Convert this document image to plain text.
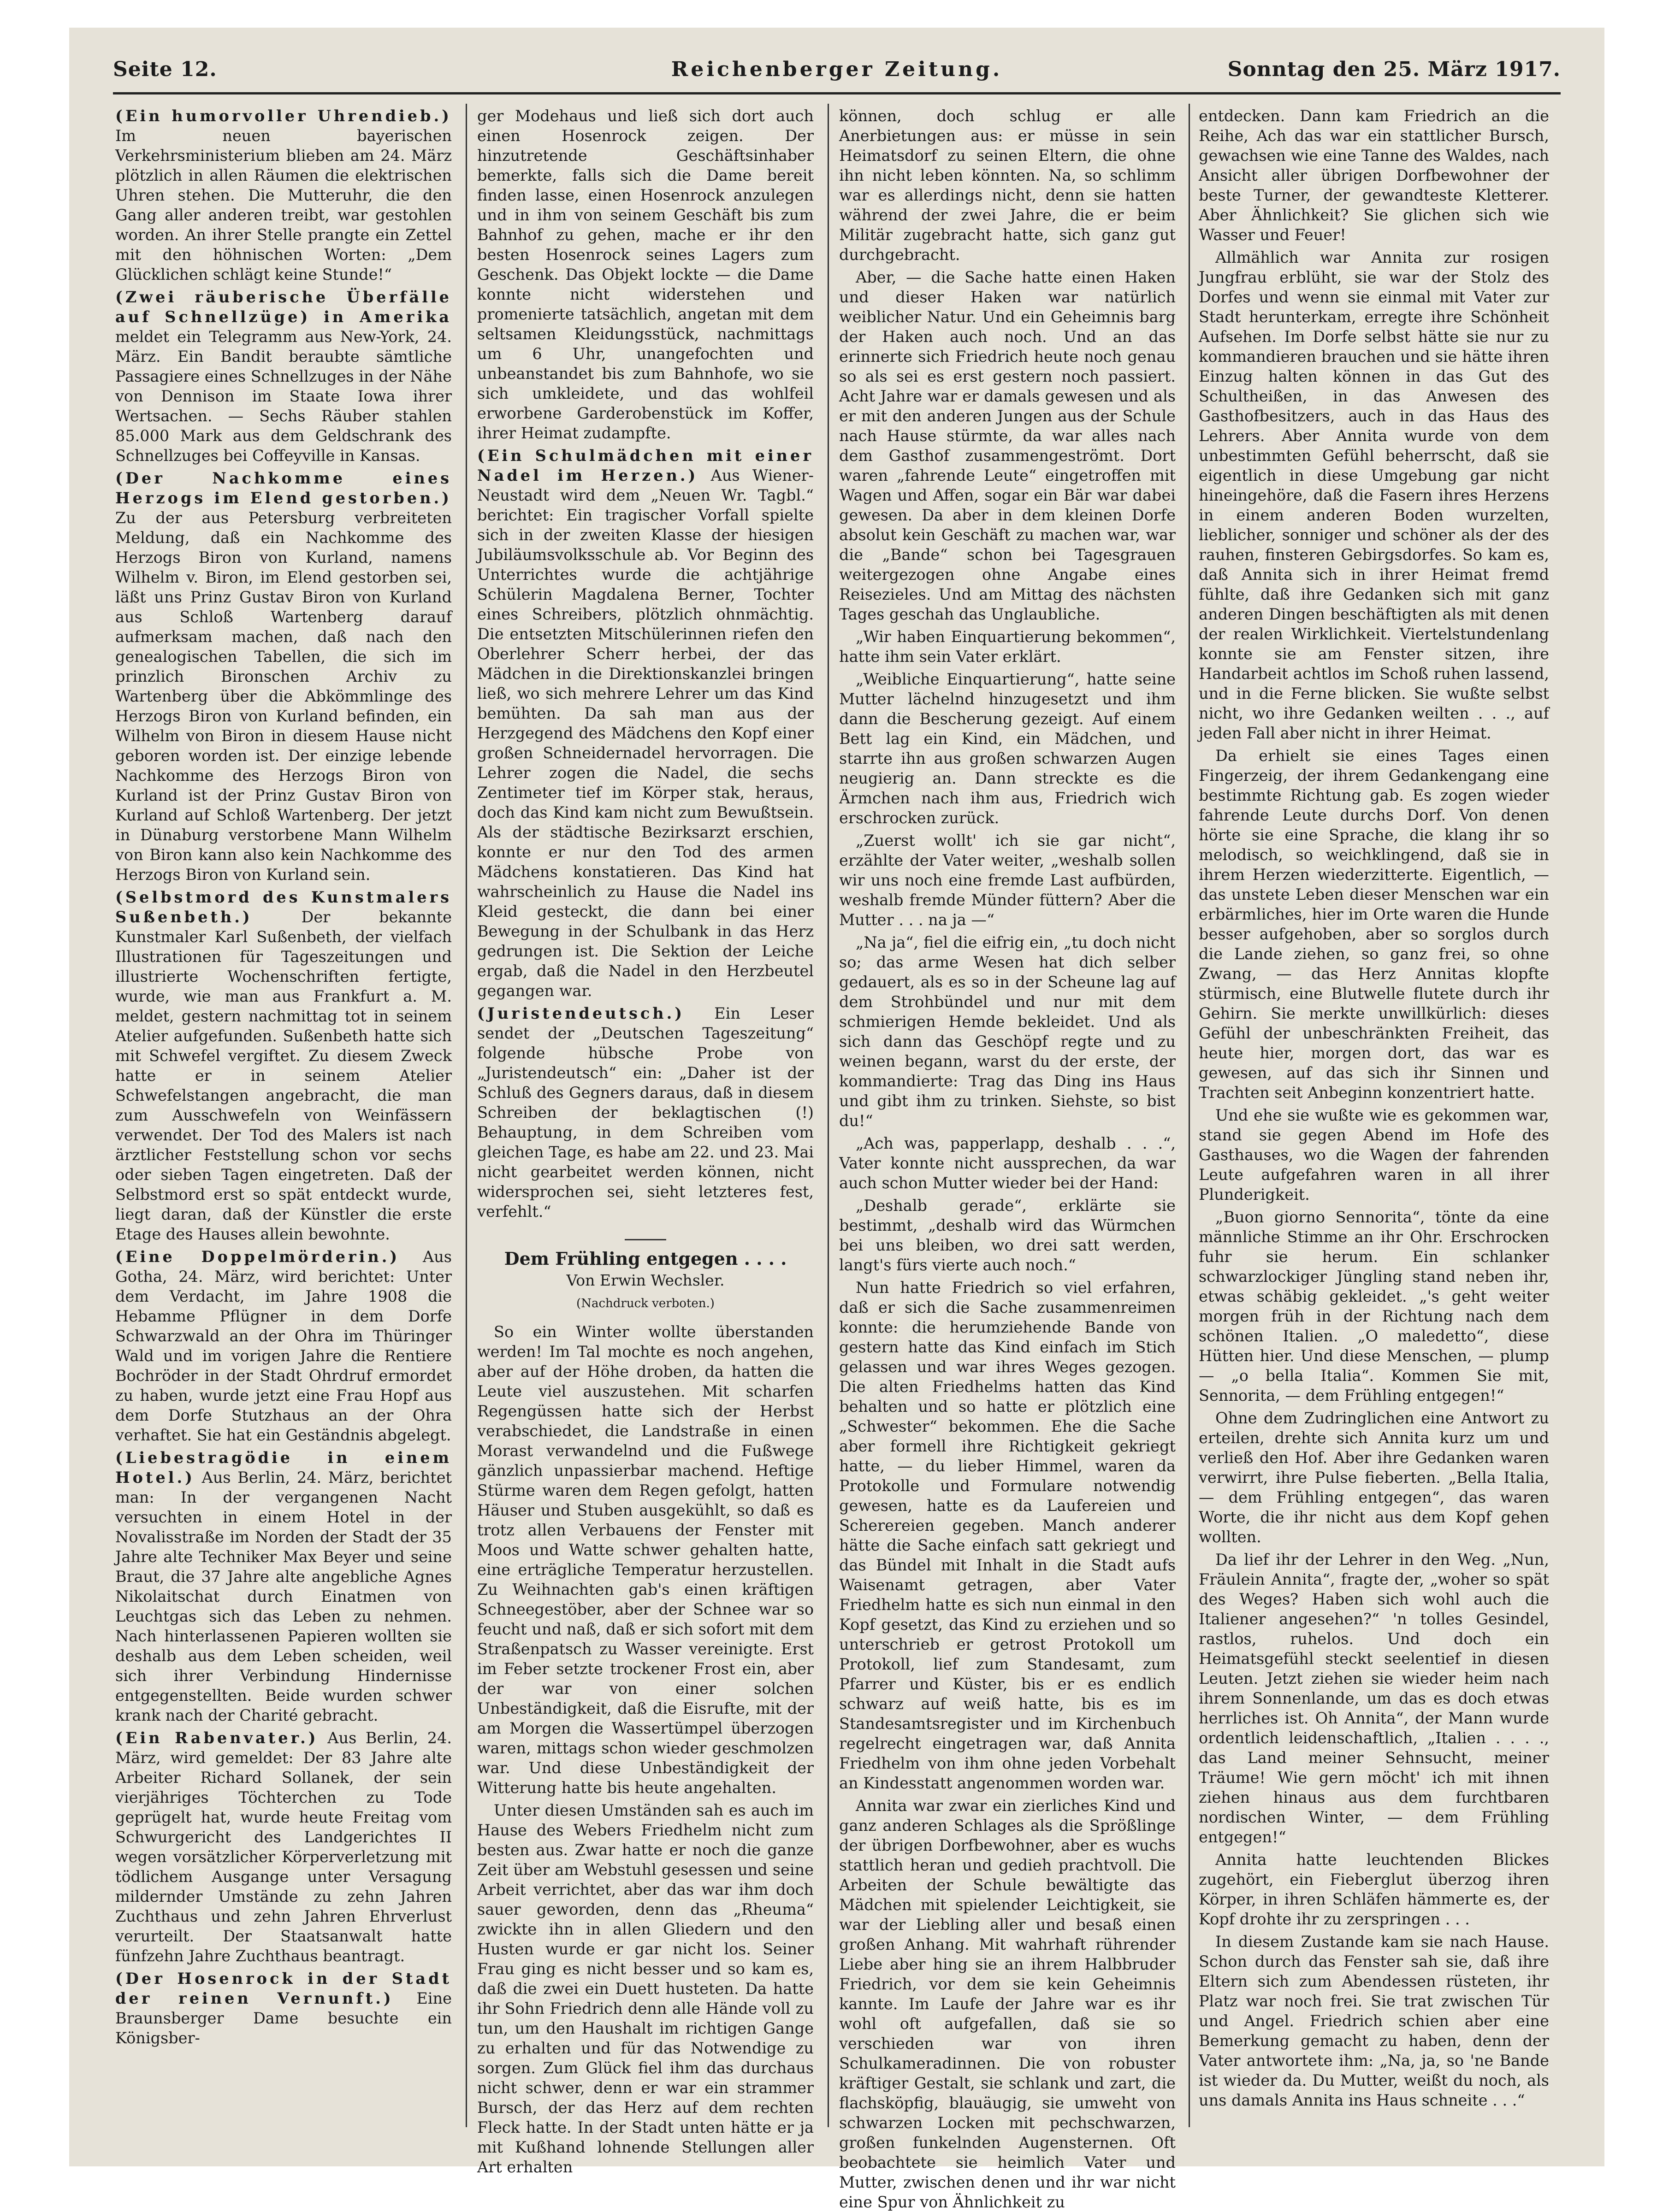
Seite 12.	Reichenberger Zeitung.	Sonntag den 25. März 1917.

(Ein humorvoller Uhrendieb.) Im neuen bayerischen Verkehrsministerium blieben am 24. März plötzlich in allen Räumen die elektrischen Uhren stehen. Die Mutteruhr, die den Gang aller anderen treibt, war gestohlen worden. An ihrer Stelle prangte ein Zettel mit den höhnischen Worten: „Dem Glücklichen schlägt keine Stunde!“

(Zwei räuberische Überfälle auf Schnellzüge) in Amerika meldet ein Telegramm aus New-York, 24. März. Ein Bandit beraubte sämtliche Passagiere eines Schnellzuges in der Nähe von Dennison im Staate Iowa ihrer Wertsachen. — Sechs Räuber stahlen 85.000 Mark aus dem Geldschrank des Schnellzuges bei Coffeyville in Kansas.

(Der Nachkomme eines Herzogs im Elend gestorben.) Zu der aus Petersburg verbreiteten Meldung, daß ein Nachkomme des Herzogs Biron von Kurland, namens Wilhelm v. Biron, im Elend gestorben sei, läßt uns Prinz Gustav Biron von Kurland aus Schloß Wartenberg darauf aufmerksam machen, daß nach den genealogischen Tabellen, die sich im prinzlich Bironschen Archiv zu Wartenberg über die Abkömmlinge des Herzogs Biron von Kurland befinden, ein Wilhelm von Biron in diesem Hause nicht geboren worden ist. Der einzige lebende Nachkomme des Herzogs Biron von Kurland ist der Prinz Gustav Biron von Kurland auf Schloß Wartenberg. Der jetzt in Dünaburg verstorbene Mann Wilhelm von Biron kann also kein Nachkomme des Herzogs Biron von Kurland sein.

(Selbstmord des Kunstmalers Sußenbeth.)	Der bekannte Kunstmaler Karl Sußenbeth, der vielfach Illustrationen für Tageszeitungen und illustrierte Wochenschriften fertigte, wurde, wie man aus Frankfurt a. M. meldet, gestern nachmittag tot in seinem Atelier aufgefunden. Sußenbeth hatte sich mit Schwefel vergiftet. Zu diesem Zweck hatte er in seinem Atelier Schwefelstangen angebracht, die man zum Ausschwefeln von Weinfässern verwendet. Der Tod des Malers ist nach ärztlicher Feststellung schon vor sechs oder sieben Tagen eingetreten. Daß der Selbstmord erst so spät entdeckt wurde, liegt daran, daß der Künstler die erste Etage des Hauses allein bewohnte.

(Eine Doppelmörderin.) Aus Gotha, 24. März, wird berichtet: Unter dem Verdacht, im Jahre 1908 die Hebamme Pflügner in dem Dorfe Schwarzwald an der Ohra im Thüringer Wald und im vorigen Jahre die Rentiere Bochröder in der Stadt Ohrdruf ermordet zu haben, wurde jetzt eine Frau Hopf aus dem Dorfe Stutzhaus an der Ohra verhaftet. Sie hat ein Geständnis abgelegt.

(Liebestragödie in einem Hotel.) Aus Berlin, 24. März, berichtet man: In der vergangenen Nacht versuchten in einem Hotel in der Novalisstraße im Norden der Stadt der 35 Jahre alte Techniker Max Beyer und seine Braut, die 37 Jahre alte angebliche Agnes Nikolaitschat durch Einatmen von Leuchtgas sich das Leben zu nehmen. Nach hinterlassenen Papieren wollten sie deshalb aus dem Leben scheiden, weil sich ihrer Verbindung Hindernisse entgegenstellten. Beide wurden schwer krank nach der Charité gebracht.

(Ein Rabenvater.) Aus Berlin, 24. März, wird gemeldet: Der 83 Jahre alte Arbeiter Richard Sollanek, der sein vierjähriges Töchterchen zu Tode geprügelt hat, wurde heute Freitag vom Schwurgericht des Landgerichtes II wegen vorsätzlicher Körperverletzung mit tödlichem Ausgange unter Versagung mildernder Umstände zu zehn Jahren Zuchthaus und zehn Jahren Ehrverlust verurteilt. Der Staatsanwalt hatte fünfzehn Jahre Zuchthaus beantragt.

(Der Hosenrock in der Stadt der reinen Vernunft.) Eine Braunsberger Dame besuchte ein Königsber-

ger Modehaus und ließ sich dort auch einen Hosenrock zeigen. Der hinzutretende Geschäftsinhaber bemerkte, falls sich die Dame bereit finden lasse, einen Hosenrock anzulegen und in ihm von seinem Geschäft bis zum Bahnhof zu gehen, mache er ihr den besten Hosenrock seines Lagers zum Geschenk. Das Objekt lockte — die Dame konnte nicht widerstehen und promenierte tatsächlich, angetan mit dem seltsamen Kleidungsstück, nachmittags um 6 Uhr, unangefochten und unbeanstandet bis zum Bahnhofe, wo sie sich umkleidete, und das wohlfeil erworbene Garderobenstück im Koffer, ihrer Heimat zudampfte.

(Ein Schulmädchen mit einer Nadel im Herzen.) Aus Wiener-Neustadt wird dem „Neuen Wr. Tagbl.“ berichtet: Ein tragischer Vorfall spielte sich in der zweiten Klasse der hiesigen Jubiläumsvolksschule ab. Vor Beginn des Unterrichtes wurde die achtjährige Schülerin Magdalena Berner, Tochter eines Schreibers, plötzlich ohnmächtig. Die entsetzten Mitschülerinnen riefen den Oberlehrer Scherr herbei, der das Mädchen in die Direktionskanzlei bringen ließ, wo sich mehrere Lehrer um das Kind bemühten. Da sah man aus der Herzgegend des Mädchens den Kopf einer großen Schneidernadel hervorragen. Die Lehrer zogen die Nadel, die sechs Zentimeter tief im Körper stak, heraus, doch das Kind kam nicht zum Bewußtsein. Als der städtische Bezirksarzt erschien, konnte er nur den Tod des armen Mädchens konstatieren. Das Kind hat wahrscheinlich zu Hause die Nadel ins Kleid gesteckt, die dann bei einer Bewegung in der Schulbank in das Herz gedrungen ist. Die Sektion der Leiche ergab, daß die Nadel in den Herzbeutel gegangen war.

(Juristendeutsch.) Ein Leser sendet der „Deutschen Tageszeitung“ folgende hübsche Probe von „Juristendeutsch“ ein: „Daher ist der Schluß des Gegners daraus, daß in diesem Schreiben der beklagtischen (!) Behauptung, in dem Schreiben vom gleichen Tage, es habe am 22. und 23. Mai nicht gearbeitet werden können, nicht widersprochen sei, sieht letzteres fest, verfehlt.“

Dem Frühling entgegen . . . .
Von Erwin Wechsler.
(Nachdruck verboten.)

So ein Winter wollte überstanden werden! Im Tal mochte es noch angehen, aber auf der Höhe droben, da hatten die Leute viel auszustehen. Mit scharfen Regengüssen hatte sich der Herbst verabschiedet, die Landstraße in einen Morast verwandelnd und die Fußwege gänzlich unpassierbar machend. Heftige Stürme waren dem Regen gefolgt, hatten Häuser und Stuben ausgekühlt, so daß es trotz allen Verbauens der Fenster mit Moos und Watte schwer gehalten hatte, eine erträgliche Temperatur herzustellen. Zu Weihnachten gab's einen kräftigen Schneegestöber, aber der Schnee war so feucht und naß, daß er sich sofort mit dem Straßenpatsch zu Wasser vereinigte. Erst im Feber setzte trockener Frost ein, aber der war von einer solchen Unbeständigkeit, daß die Eisrufte, mit der am Morgen die Wassertümpel überzogen waren, mittags schon wieder geschmolzen war. Und diese Unbeständigkeit der Witterung hatte bis heute angehalten.

Unter diesen Umständen sah es auch im Hause des Webers Friedhelm nicht zum besten aus. Zwar hatte er noch die ganze Zeit über am Webstuhl gesessen und seine Arbeit verrichtet, aber das war ihm doch sauer geworden, denn das „Rheuma“ zwickte ihn in allen Gliedern und den Husten wurde er gar nicht los. Seiner Frau ging es nicht besser und so kam es, daß die zwei ein Duett husteten. Da hatte ihr Sohn Friedrich denn alle Hände voll zu tun, um den Haushalt im richtigen Gange zu erhalten und für das Notwendige zu sorgen. Zum Glück fiel ihm das durchaus nicht schwer, denn er war ein strammer Bursch, der das Herz auf dem rechten Fleck hatte. In der Stadt unten hätte er ja mit Kußhand lohnende Stellungen aller Art erhalten

können, doch schlug er alle Anerbietungen aus: er müsse in sein Heimatsdorf zu seinen Eltern, die ohne ihn nicht leben könnten. Na, so schlimm war es allerdings nicht, denn sie hatten während der zwei Jahre, die er beim Militär zugebracht hatte, sich ganz gut durchgebracht.

Aber, — die Sache hatte einen Haken und dieser Haken war natürlich weiblicher Natur. Und ein Geheimnis barg der Haken auch noch. Und an das erinnerte sich Friedrich heute noch genau so als sei es erst gestern noch passiert. Acht Jahre war er damals gewesen und als er mit den anderen Jungen aus der Schule nach Hause stürmte, da war alles nach dem Gasthof zusammengeströmt. Dort waren „fahrende Leute“ eingetroffen mit Wagen und Affen, sogar ein Bär war dabei gewesen. Da aber in dem kleinen Dorfe absolut kein Geschäft zu machen war, war die „Bande“ schon bei Tagesgrauen weitergezogen ohne Angabe eines Reisezieles. Und am Mittag des nächsten Tages geschah das Unglaubliche.

„Wir haben Einquartierung bekommen“, hatte ihm sein Vater erklärt.

„Weibliche Einquartierung“, hatte seine Mutter lächelnd hinzugesetzt und ihm dann die Bescherung gezeigt. Auf einem Bett lag ein Kind, ein Mädchen, und starrte ihn aus großen schwarzen Augen neugierig an. Dann streckte es die Ärmchen nach ihm aus, Friedrich wich erschrocken zurück.

„Zuerst wollt' ich sie gar nicht“, erzählte der Vater weiter, „weshalb sollen wir uns noch eine fremde Last aufbürden, weshalb fremde Münder füttern? Aber die Mutter . . . na ja —“

„Na ja“, fiel die eifrig ein, „tu doch nicht so; das arme Wesen hat dich selber gedauert, als es so in der Scheune lag auf dem Strohbündel und nur mit dem schmierigen Hemde bekleidet. Und als sich dann das Geschöpf regte und zu weinen begann, warst du der erste, der kommandierte: Trag das Ding ins Haus und gibt ihm zu trinken. Siehste, so bist du!“

„Ach was, papperlapp, deshalb . . .“, Vater konnte nicht aussprechen, da war auch schon Mutter wieder bei der Hand:

„Deshalb gerade“, erklärte sie bestimmt, „deshalb wird das Würmchen bei uns bleiben, wo drei satt werden, langt's fürs vierte auch noch.“

Nun hatte Friedrich so viel erfahren, daß er sich die Sache zusammenreimen konnte: die herumziehende Bande von gestern hatte das Kind einfach im Stich gelassen und war ihres Weges gezogen. Die alten Friedhelms hatten das Kind behalten und so hatte er plötzlich eine „Schwester“ bekommen. Ehe die Sache aber formell ihre Richtigkeit gekriegt hatte, — du lieber Himmel, waren da Protokolle und Formulare notwendig gewesen, hatte es da Laufereien und Scherereien gegeben. Manch anderer hätte die Sache einfach satt gekriegt und das Bündel mit Inhalt in die Stadt aufs Waisenamt getragen, aber Vater Friedhelm hatte es sich nun einmal in den Kopf gesetzt, das Kind zu erziehen und so unterschrieb er getrost Protokoll um Protokoll, lief zum Standesamt, zum Pfarrer und Küster, bis er es endlich schwarz auf weiß hatte, bis es im Standesamtsregister und im Kirchenbuch regelrecht eingetragen war, daß Annita Friedhelm von ihm ohne jeden Vorbehalt an Kindesstatt angenommen worden war.

Annita war zwar ein zierliches Kind und ganz anderen Schlages als die Sprößlinge der übrigen Dorfbewohner, aber es wuchs stattlich heran und gedieh prachtvoll. Die Arbeiten der Schule bewältigte das Mädchen mit spielender Leichtigkeit, sie war der Liebling aller und besaß einen großen Anhang. Mit wahrhaft rührender Liebe aber hing sie an ihrem Halbbruder Friedrich, vor dem sie kein Geheimnis kannte. Im Laufe der Jahre war es ihr wohl oft aufgefallen, daß sie so verschieden war von ihren Schulkameradinnen. Die von robuster kräftiger Gestalt, sie schlank und zart, die flachsköpfig, blauäugig, sie umweht von schwarzen Locken mit pechschwarzen, großen funkelnden Augensternen. Oft beobachtete sie heimlich Vater und Mutter, zwischen denen und ihr war nicht eine Spur von Ähnlichkeit zu

entdecken. Dann kam Friedrich an die Reihe, Ach das war ein stattlicher Bursch, gewachsen wie eine Tanne des Waldes, nach Ansicht aller übrigen Dorfbewohner der beste Turner, der gewandteste Kletterer. Aber Ähnlichkeit? Sie glichen sich wie Wasser und Feuer!

Allmählich war Annita zur rosigen Jungfrau erblüht, sie war der Stolz des Dorfes und wenn sie einmal mit Vater zur Stadt herunterkam, erregte ihre Schönheit Aufsehen. Im Dorfe selbst hätte sie nur zu kommandieren brauchen und sie hätte ihren Einzug halten können in das Gut des Schultheißen, in das Anwesen des Gasthofbesitzers, auch in das Haus des Lehrers. Aber Annita wurde von dem unbestimmten Gefühl beherrscht, daß sie eigentlich in diese Umgebung gar nicht hineingehöre, daß die Fasern ihres Herzens in einem anderen Boden wurzelten, lieblicher, sonniger und schöner als der des rauhen, finsteren Gebirgsdorfes. So kam es, daß Annita sich in ihrer Heimat fremd fühlte, daß ihre Gedanken sich mit ganz anderen Dingen beschäftigten als mit denen der realen Wirklichkeit. Viertelstundenlang konnte sie am Fenster sitzen, ihre Handarbeit achtlos im Schoß ruhen lassend, und in die Ferne blicken. Sie wußte selbst nicht, wo ihre Gedanken weilten . . ., auf jeden Fall aber nicht in ihrer Heimat.

Da erhielt sie eines Tages einen Fingerzeig, der ihrem Gedankengang eine bestimmte Richtung gab. Es zogen wieder fahrende Leute durchs Dorf. Von denen hörte sie eine Sprache, die klang ihr so melodisch, so weichklingend, daß sie in ihrem Herzen wiederzitterte. Eigentlich, — das unstete Leben dieser Menschen war ein erbärmliches, hier im Orte waren die Hunde besser aufgehoben, aber so sorglos durch die Lande ziehen, so ganz frei, so ohne Zwang, — das Herz Annitas klopfte stürmisch, eine Blutwelle flutete durch ihr Gehirn. Sie merkte unwillkürlich: dieses Gefühl der unbeschränkten Freiheit, das heute hier, morgen dort, das war es gewesen, auf das sich ihr Sinnen und Trachten seit Anbeginn konzentriert hatte.

Und ehe sie wußte wie es gekommen war, stand sie gegen Abend im Hofe des Gasthauses, wo die Wagen der fahrenden Leute aufgefahren waren in all ihrer Plunderigkeit.

„Buon giorno Sennorita“, tönte da eine männliche Stimme an ihr Ohr. Erschrocken fuhr sie herum. Ein schlanker schwarzlockiger Jüngling stand neben ihr, etwas schäbig gekleidet. „'s geht weiter morgen früh in der Richtung nach dem schönen Italien. „O maledetto“, diese Hütten hier. Und diese Menschen, — plump — „o bella Italia“. Kommen Sie mit, Sennorita, — dem Frühling entgegen!“

Ohne dem Zudringlichen eine Antwort zu erteilen, drehte sich Annita kurz um und verließ den Hof. Aber ihre Gedanken waren verwirrt, ihre Pulse fieberten. „Bella Italia, — dem Frühling entgegen“, das waren Worte, die ihr nicht aus dem Kopf gehen wollten.

Da lief ihr der Lehrer in den Weg. „Nun, Fräulein Annita“, fragte der, „woher so spät des Weges? Haben sich wohl auch die Italiener angesehen?“ 'n tolles Gesindel, rastlos, ruhelos. Und doch ein Heimatsgefühl steckt seelentief in diesen Leuten. Jetzt ziehen sie wieder heim nach ihrem Sonnenlande, um das es doch etwas herrliches ist. Oh Annita“, der Mann wurde ordentlich leidenschaftlich, „Italien . . . ., das Land meiner Sehnsucht, meiner Träume! Wie gern möcht' ich mit ihnen ziehen hinaus aus dem furchtbaren nordischen Winter, — dem Frühling entgegen!“

Annita hatte leuchtenden Blickes zugehört, ein Fieberglut überzog ihren Körper, in ihren Schläfen hämmerte es, der Kopf drohte ihr zu zerspringen . . .

In diesem Zustande kam sie nach Hause. Schon durch das Fenster sah sie, daß ihre Eltern sich zum Abendessen rüsteten, ihr Platz war noch frei. Sie trat zwischen Tür und Angel. Friedrich schien aber eine Bemerkung gemacht zu haben, denn der Vater antwortete ihm: „Na, ja, so 'ne Bande ist wieder da. Du Mutter, weißt du noch, als uns damals Annita ins Haus schneite . . .“
